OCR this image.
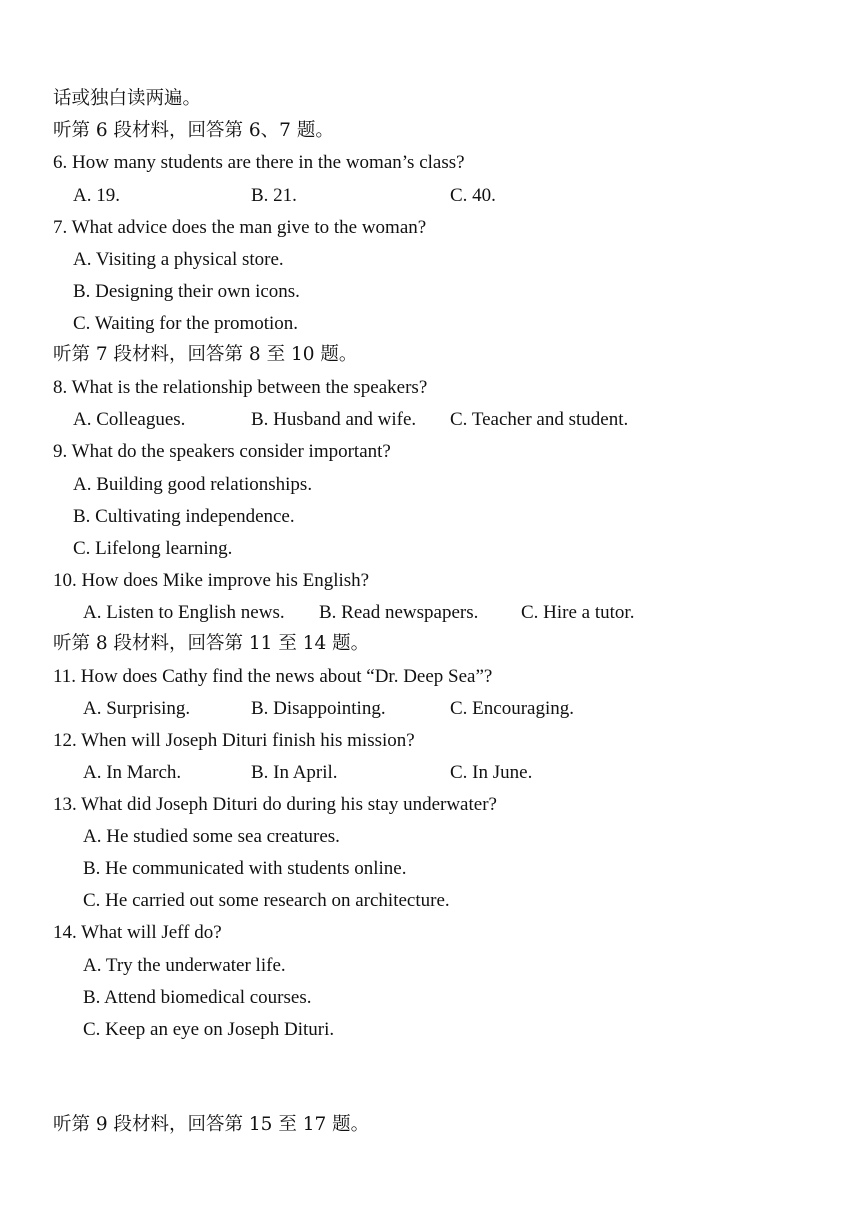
话或独白读两遍。
听第 6 段材料，回答第 6、7 题。
6. How many students are there in the woman’s class?
A. 19.	B. 21.	C. 40.
7. What advice does the man give to the woman?
A. Visiting a physical store.
B. Designing their own icons.
C. Waiting for the promotion.
听第 7 段材料，回答第 8 至 10 题。
8. What is the relationship between the speakers?
A. Colleagues.	B. Husband and wife. C. Teacher and student.
9. What do the speakers consider important?
A. Building good relationships.
B. Cultivating independence.
C. Lifelong learning.
10. How does Mike improve his English?
A. Listen to English news. B. Read newspapers. C. Hire a tutor.
听第 8 段材料，回答第 11 至 14 题。
11. How does Cathy find the news about “Dr. Deep Sea”?
A. Surprising.	B. Disappointing.	C. Encouraging.
12. When will Joseph Dituri finish his mission?
A. In March.	B. In April.	C. In June.
13. What did Joseph Dituri do during his stay underwater?
A. He studied some sea creatures.
B. He communicated with students online.
C. He carried out some research on architecture.
14. What will Jeff do?
A. Try the underwater life.
B. Attend biomedical courses.
C. Keep an eye on Joseph Dituri.
听第 9 段材料，回答第 15 至 17 题。
